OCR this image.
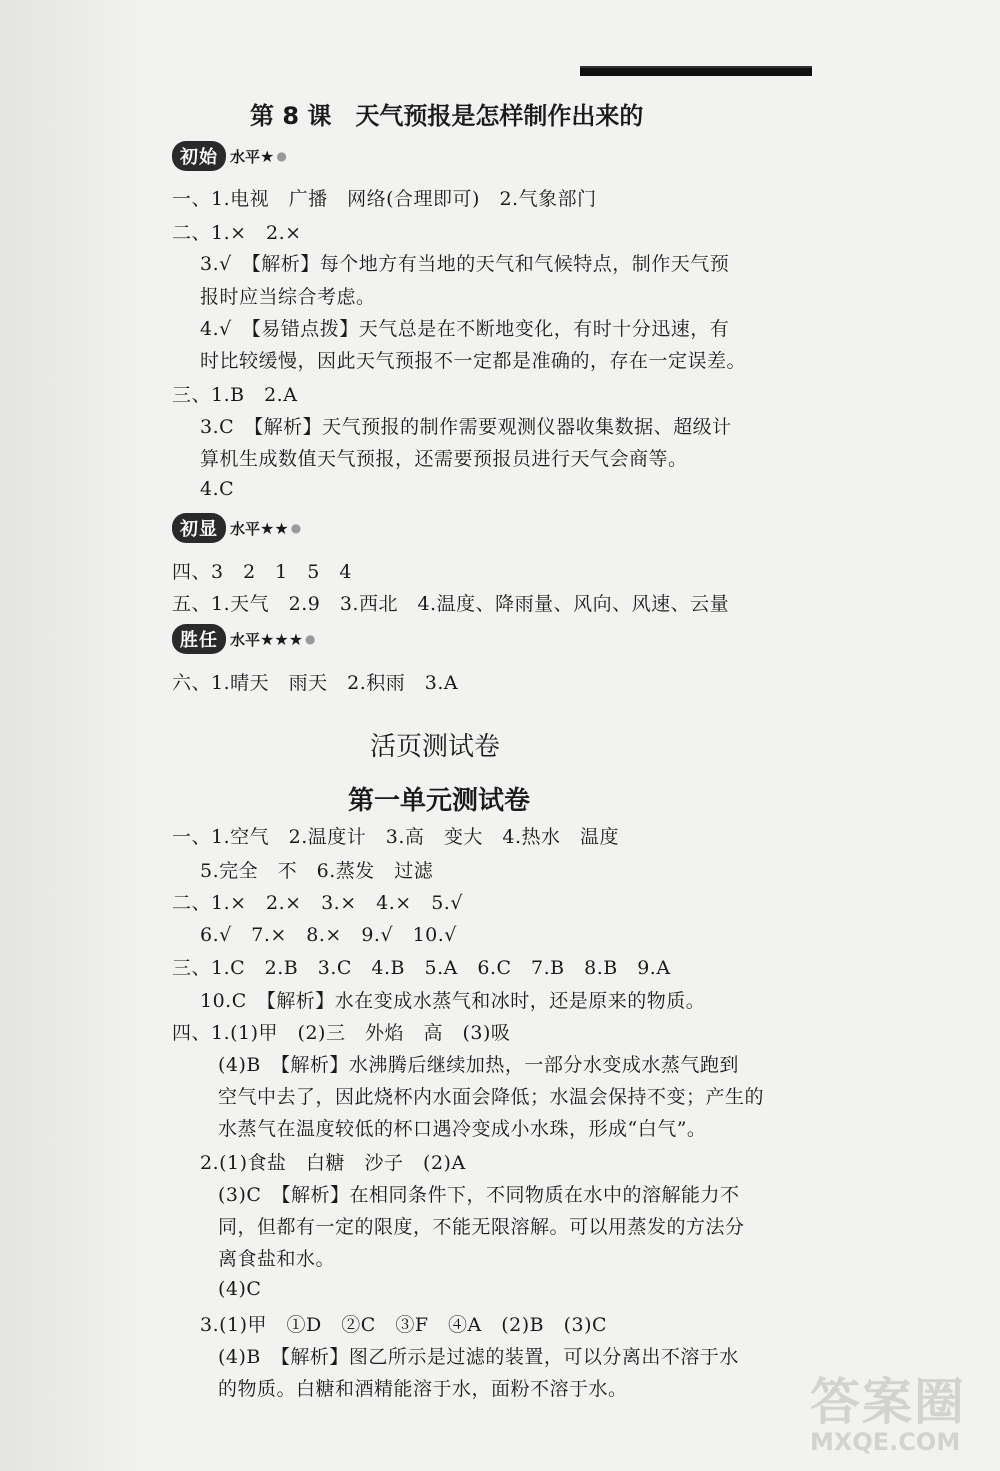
第 8 课　天气预报是怎样制作出来的
初始 水平 ★ ●
一、1.电视　广播　网络(合理即可)　2.气象部门
二、1.×　2.×
3.√　【解析】每个地方有当地的天气和气候特点，制作天气预
报时应当综合考虑。
4.√　【易错点拨】天气总是在不断地变化，有时十分迅速，有
时比较缓慢，因此天气预报不一定都是准确的，存在一定误差。
三、1.B　2.A
3.C　【解析】天气预报的制作需要观测仪器收集数据、超级计
算机生成数值天气预报，还需要预报员进行天气会商等。
4.C
初显 水平 ★★ ●
四、3　2　1　5　4
五、1.天气　2.9　3.西北　4.温度、降雨量、风向、风速、云量
胜任 水平 ★★★ ●
六、1.晴天　雨天　2.积雨　3.A
活页测试卷
第一单元测试卷
一、1.空气　2.温度计　3.高　变大　4.热水　温度
5.完全　不　6.蒸发　过滤
二、1.×　2.×　3.×　4.×　5.√
6.√　7.×　8.×　9.√　10.√
三、1.C　2.B　3.C　4.B　5.A　6.C　7.B　8.B　9.A
10.C　【解析】水在变成水蒸气和冰时，还是原来的物质。
四、1.(1)甲　(2)三　外焰　高　(3)吸
(4)B　【解析】水沸腾后继续加热，一部分水变成水蒸气跑到
空气中去了，因此烧杯内水面会降低；水温会保持不变；产生的
水蒸气在温度较低的杯口遇冷变成小水珠，形成“白气”。
2.(1)食盐　白糖　沙子　(2)A
(3)C　【解析】在相同条件下，不同物质在水中的溶解能力不
同，但都有一定的限度，不能无限溶解。可以用蒸发的方法分
离食盐和水。
(4)C
3.(1)甲　①D　②C　③F　④A　(2)B　(3)C
(4)B　【解析】图乙所示是过滤的装置，可以分离出不溶于水
的物质。白糖和酒精能溶于水，面粉不溶于水。	答案圈
MXQE.COM
